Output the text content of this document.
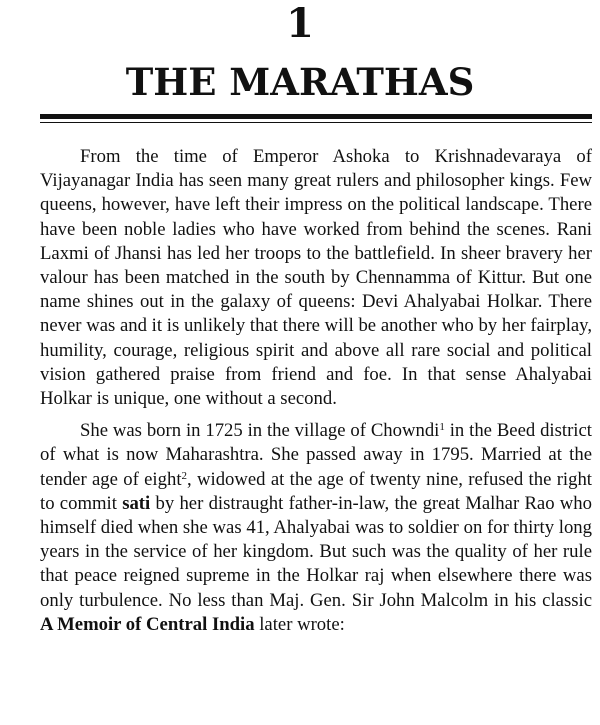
1
THE MARATHAS

From the time of Emperor Ashoka to Krishnadevaraya of Vijayanagar India has seen many great rulers and philosopher kings. Few queens, however, have left their impress on the political landscape. There have been noble ladies who have worked from behind the scenes. Rani Laxmi of Jhansi has led her troops to the battlefield. In sheer bravery her valour has been matched in the south by Chennamma of Kittur. But one name shines out in the galaxy of queens: Devi Ahalyabai Holkar. There never was and it is unlikely that there will be another who by her fairplay, humility, courage, religious spirit and above all rare social and political vision gathered praise from friend and foe. In that sense Ahalyabai Holkar is unique, one without a second.

She was born in 1725 in the village of Chowndi$^1$ in the Beed district of what is now Maharashtra. She passed away in 1795. Married at the tender age of eight$^2$, widowed at the age of twenty nine, refused the right to commit sati by her distraught father-in-law, the great Malhar Rao who himself died when she was 41, Ahalyabai was to soldier on for thirty long years in the service of her kingdom. But such was the quality of her rule that peace reigned supreme in the Holkar raj when elsewhere there was only turbulence. No less than Maj. Gen. Sir John Malcolm in his classic A Memoir of Central India later wrote:
